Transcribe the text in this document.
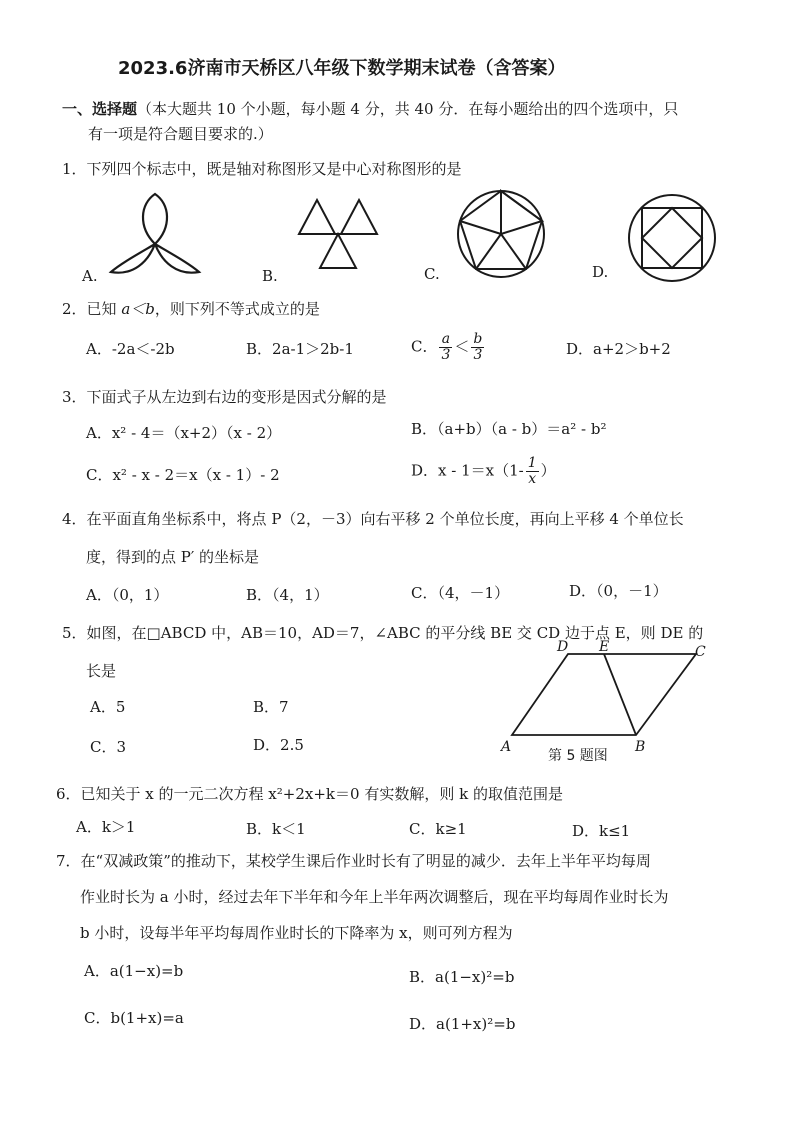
2023.6济南市天桥区八年级下数学期末试卷（含答案）
一、选择题（本大题共 10 个小题，每小题 4 分，共 40 分．在每小题给出的四个选项中，只
有一项是符合题目要求的.）
1．下列四个标志中，既是轴对称图形又是中心对称图形的是
A.	B.	C.	D.
2．已知 a＜b，则下列不等式成立的是
A．-2a＜-2b	B．2a-1＞2b-1	C． $\frac{a}{3} < \frac{b}{3}$	D．a+2＞b+2
3．下面式子从左边到右边的变形是因式分解的是
A．x² - 4＝（x+2）（x - 2）	B．（a+b）（a - b）＝a² - b²
C．x² - x - 2＝x（x - 1）- 2	D．$x - 1=x(1- \frac{1}{x}$ ）
4．在平面直角坐标系中，将点 P（2，－3）向右平移 2 个单位长度，再向上平移 4 个单位长
度，得到的点 P′ 的坐标是
A．（0，1）	B．（4，1）	C．（4，－1）	D．（0，－1）
5．如图，在□ABCD 中，AB＝10，AD＝7，∠ABC 的平分线 BE 交 CD 边于点 E，则 DE 的
长是
A．5	B．7
C．3	D．2.5
D E	C
A	B
第 5 题图
6．已知关于 x 的一元二次方程 x²+2x+k＝0 有实数解，则 k 的取值范围是
A．k＞1	B．k＜1	C．k≥1	D．k≤1
7．在“双减政策”的推动下，某校学生课后作业时长有了明显的减少．去年上半年平均每周
作业时长为 a 小时，经过去年下半年和今年上半年两次调整后，现在平均每周作业时长为
b 小时，设每半年平均每周作业时长的下降率为 x，则可列方程为
A．a(1−x)=b	B．a(1−x)²=b
C．b(1+x)=a	D．a(1+x)²=b
